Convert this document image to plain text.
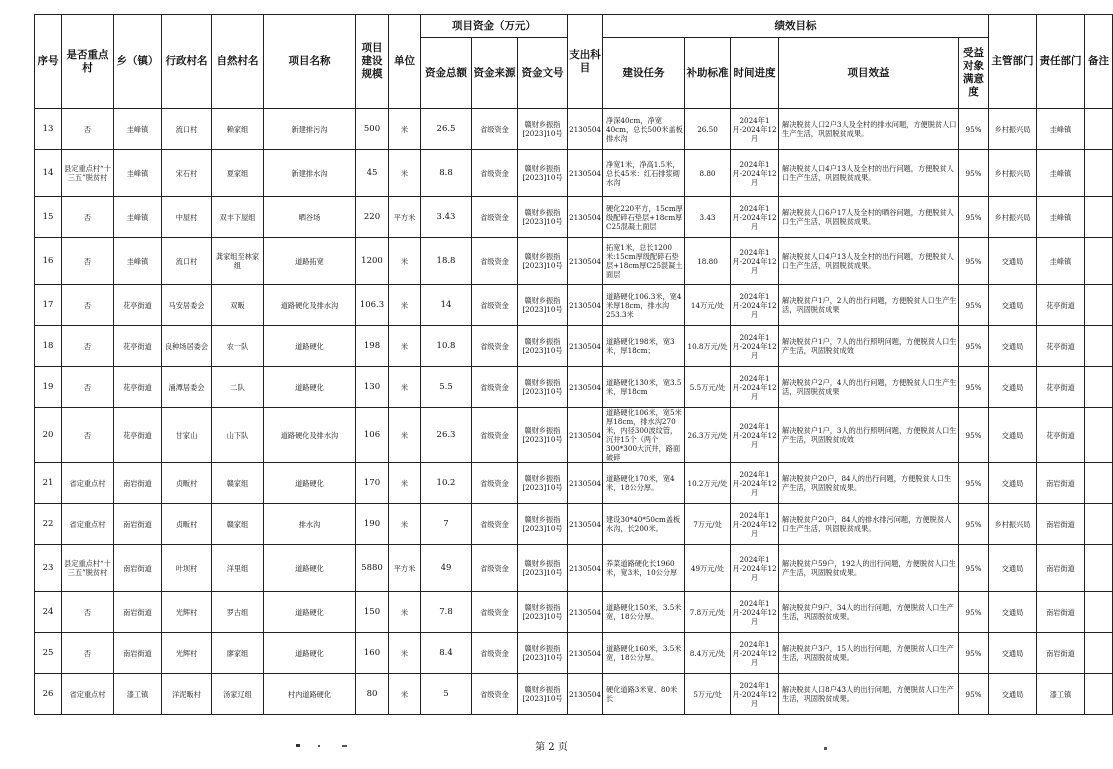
序号	是否重点村	乡（镇）	行政村名	自然村名	项目名称	项目建设规模	单位	项目资金（万元）			支出科目	绩效目标					主管部门	责任部门	备注
								资金总额	资金来源	资金文号		建设任务	补助标准	时间进度	项目效益	受益对象满意度			
13	否	圭峰镇	流口村	赖家组	新建排污沟	500	米	26.5	省级资金	赣财乡振指[2023]10号	2130504	净深40cm，净宽40cm，总长500米盖板排水沟	26.50	2024年1月-2024年12月	解决脱贫人口2户3人及全村的排水问题，方便脱贫人口生产生活，巩固脱贫成果。	95%	乡村振兴局	圭峰镇	
14	县定重点村“十三五”脱贫村	圭峰镇	宋石村	夏家组	新建排水沟	45	米	8.8	省级资金	赣财乡振指[2023]10号	2130504	净宽1米，净高1.5米，总长45米：红石排浆砌水沟	8.80	2024年1月-2024年12月	解决脱贫人口4户13人及全村的出行问题，方便脱贫人口生产生活，巩固脱贫成果。	95%	乡村振兴局	圭峰镇	
15	否	圭峰镇	中屋村	双丰下屋组	晒谷场	220	平方米	3.43	省级资金	赣财乡振指[2023]10号	2130504	硬化220平方，15cm厚级配碎石垫层+18cm厚C25混凝土面层	3.43	2024年1月-2024年12月	解决脱贫人口6户17人及全村的晒谷问题，方便脱贫人口生产生活，巩固脱贫成果。	95%	乡村振兴局	圭峰镇	
16	否	圭峰镇	流口村	龚家组至林家组	道路拓宽	1200	米	18.8	省级资金	赣财乡振指[2023]10号	2130504	拓宽1米，总长1200米:15cm厚级配碎石垫层+18cm厚C25混凝土面层	18.80	2024年1月-2024年12月	解决脱贫人口4户13人及全村的出行问题，方便脱贫人口生产生活，巩固脱贫成果。	95%	交通局	圭峰镇	
17	否	花亭街道	马安居委会	双畈	道路硬化及排水沟	106.3	米	14	省级资金	赣财乡振指[2023]10号	2130504	道路硬化106.3米，宽4米厚18cm，排水沟253.3米	14万元/处	2024年1月-2024年12月	解决脱贫户1户，2人的出行问题，方便脱贫人口生产生活，巩固脱贫成果	95%	交通局	花亭街道	
18	否	花亭街道	良种场居委会	农一队	道路硬化	198	米	10.8	省级资金	赣财乡振指[2023]10号	2130504	道路硬化198米，宽3米，厚18cm；	10.8万元/处	2024年1月-2024年12月	解决脱贫户1户，7人的出行照明问题，方便脱贫人口生产生活，巩固脱贫成效	95%	交通局	花亭街道	
19	否	花亭街道	涌潭居委会	二队	道路硬化	130	米	5.5	省级资金	赣财乡振指[2023]10号	2130504	道路硬化130米，宽3.5米，厚18cm	5.5万元/处	2024年1月-2024年12月	解决脱贫户2户，4人的出行问题，方便脱贫人口生产生活，巩固脱贫成果	95%	交通局	花亭街道	
20	否	花亭街道	甘家山	山下队	道路硬化及排水沟	106	米	26.3	省级资金	赣财乡振指[2023]10号	2130504	道路硬化106米，宽5米厚18cm，排水沟270米，内径300波纹管，沉井15个（两个300*300大沉井，路面破碎	26.3万元/处	2024年1月-2024年12月	解决脱贫户1户，3人的出行照明问题，方便脱贫人口生产生活，巩固脱贫成效	95%	交通局	花亭街道	
21	省定重点村	南岩街道	贞畈村	赣家组	道路硬化	170	米	10.2	省级资金	赣财乡振指[2023]10号	2130504	道路硬化170米，宽4米，18公分厚。	10.2万元/处	2024年1月-2024年12月	解决脱贫户20户，84人的出行问题，方便脱贫人口生产生活，巩固脱贫成果。	95%	交通局	南岩街道	
22	省定重点村	南岩街道	贞畈村	赣家组	排水沟	190	米	7	省级资金	赣财乡振指[2023]10号	2130504	建设30*40*50cm盖板水沟，长200米。	7万元/处	2024年1月-2024年12月	解决脱贫户20户，84人的排水排污问题，方便脱贫人口生产生活，巩固脱贫成果。	95%	乡村振兴局	南岩街道	
23	县定重点村“十三五”脱贫村	南岩街道	叶坝村	洋里组	道路硬化	5880	平方米	49	省级资金	赣财乡振指[2023]10号	2130504	养菜道路硬化长1960米，宽3米，10公分厚	49万元/处	2024年1月-2024年12月	解决脱贫户59户，192人的出行问题，方便脱贫人口生产生活，巩固脱贫成果。	95%	交通局	南岩街道	
24	否	南岩街道	光辉村	罗古组	道路硬化	150	米	7.8	省级资金	赣财乡振指[2023]10号	2130504	道路硬化150米，3.5米宽，18公分厚。	7.8万元/处	2024年1月-2024年12月	解决脱贫户9户，34人的出行问题，方便脱贫人口生产生活，巩固脱贫成果。	95%	交通局	南岩街道	
25	否	南岩街道	光辉村	廖家组	道路硬化	160	米	8.4	省级资金	赣财乡振指[2023]10号	2130504	道路硬化160米，3.5米宽，18公分厚。	8.4万元/处	2024年1月-2024年12月	解决脱贫户3户，15人的出行问题，方便脱贫人口生产生活，巩固脱贫成果。	95%	交通局	南岩街道	
26	省定重点村	漆工镇	洋泥畈村	汤家辽组	村内道路硬化	80	米	5	省级资金	赣财乡振指[2023]10号	2130504	硬化道路3米宽、80米长	5万元/处	2024年1月-2024年12月	解决脱贫人口8户43人的出行问题，方便脱贫人口生产生活，巩固脱贫成果。	95%	交通局	漆工镇	
第 2 页
